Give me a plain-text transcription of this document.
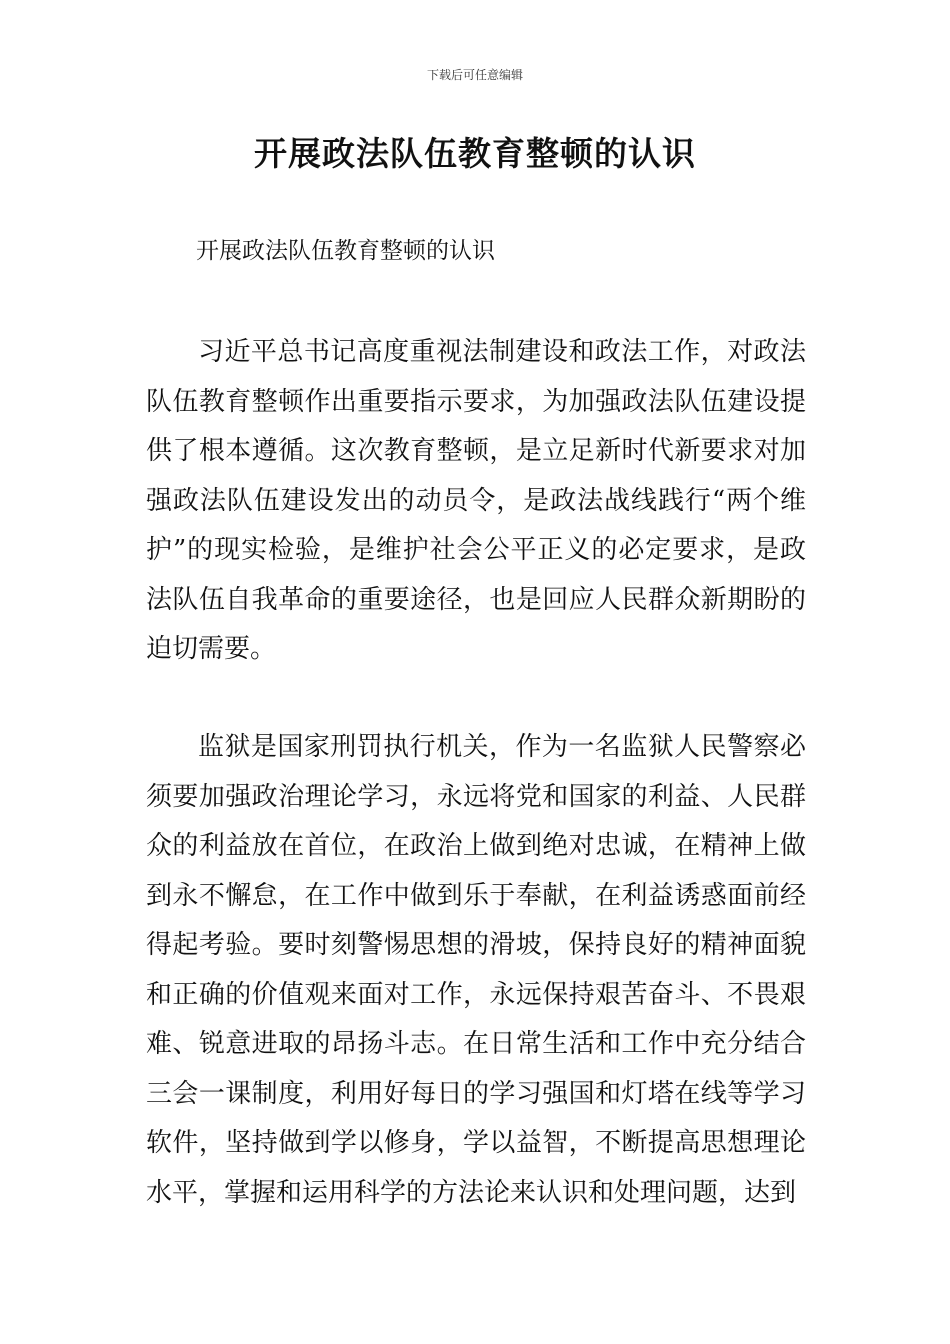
下载后可任意编辑
开展政法队伍教育整顿的认识
开展政法队伍教育整顿的认识

习近平总书记高度重视法制建设和政法工作，对政法队伍教育整顿作出重要指示要求，为加强政法队伍建设提供了根本遵循。这次教育整顿，是立足新时代新要求对加强政法队伍建设发出的动员令，是政法战线践行“两个维护”的现实检验，是维护社会公平正义的必定要求，是政法队伍自我革命的重要途径，也是回应人民群众新期盼的迫切需要。

监狱是国家刑罚执行机关，作为一名监狱人民警察必须要加强政治理论学习，永远将党和国家的利益、人民群众的利益放在首位，在政治上做到绝对忠诚，在精神上做到永不懈怠，在工作中做到乐于奉献，在利益诱惑面前经得起考验。要时刻警惕思想的滑坡，保持良好的精神面貌和正确的价值观来面对工作，永远保持艰苦奋斗、不畏艰难、锐意进取的昂扬斗志。在日常生活和工作中充分结合三会一课制度，利用好每日的学习强国和灯塔在线等学习软件，坚持做到学以修身，学以益智，不断提高思想理论水平，掌握和运用科学的方法论来认识和处理问题，达到
